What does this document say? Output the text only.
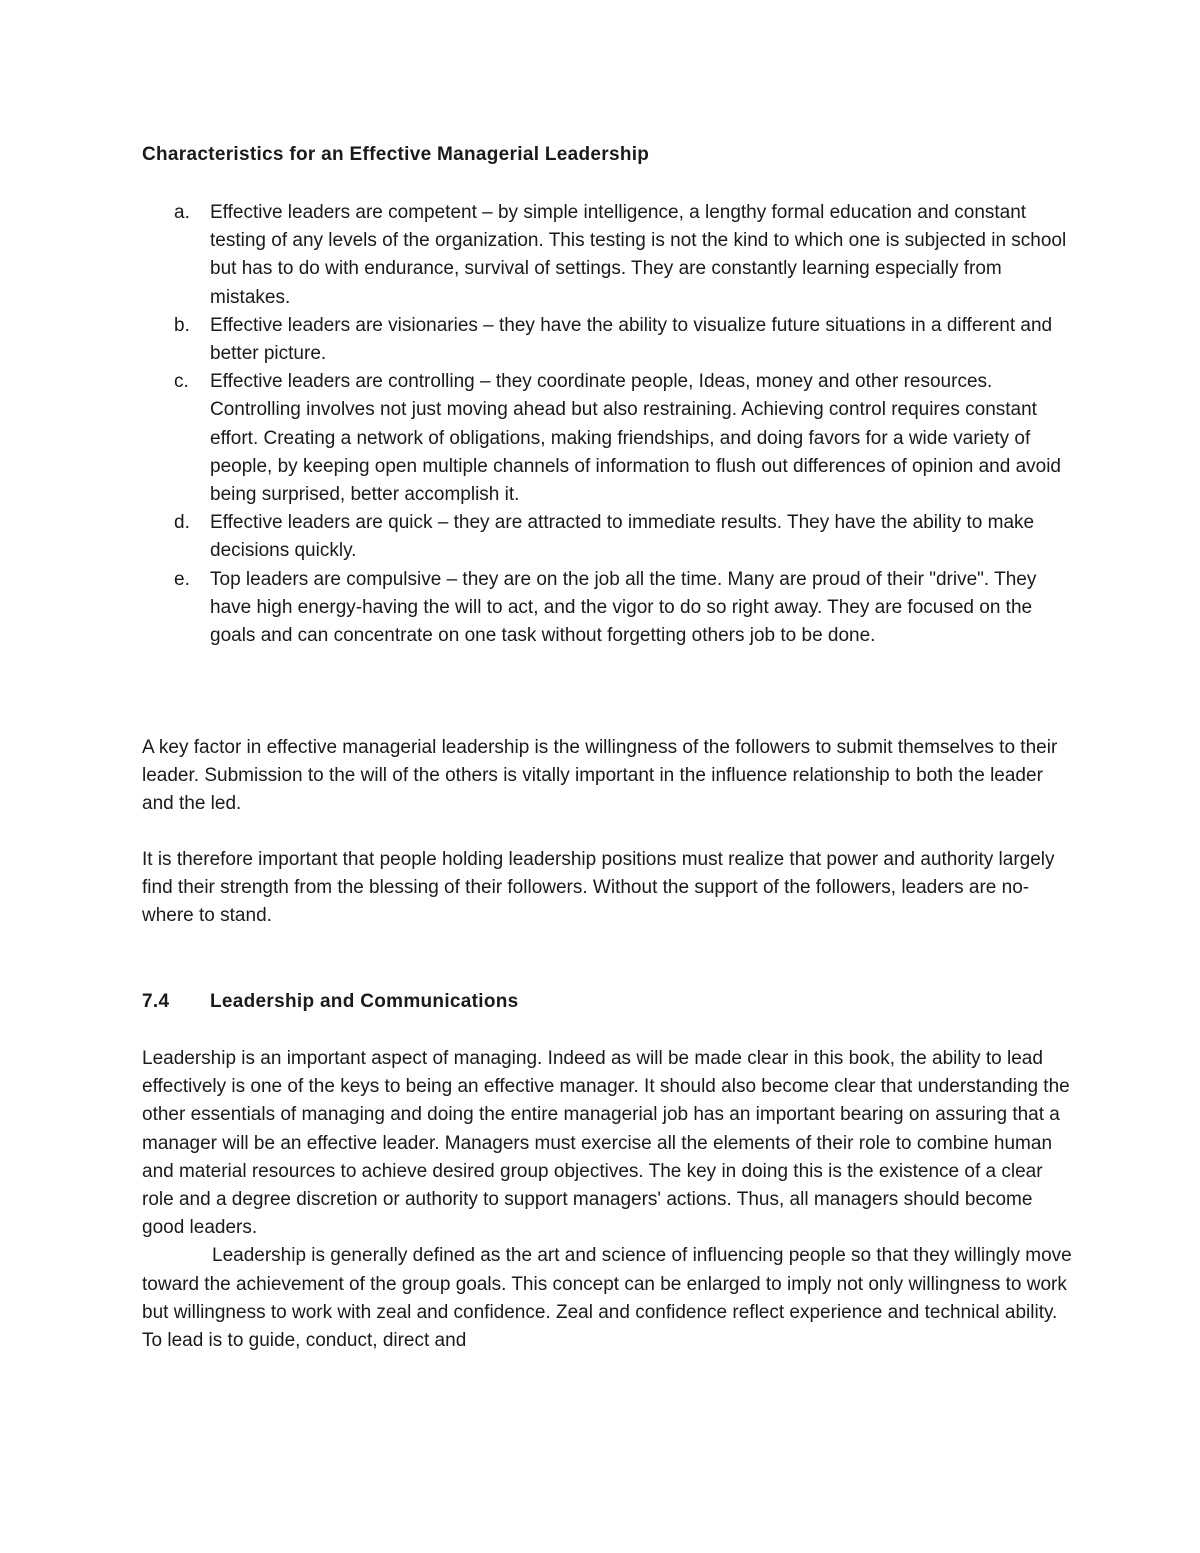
Characteristics for an Effective Managerial Leadership
a. Effective leaders are competent – by simple intelligence, a lengthy formal education and constant testing of any levels of the organization. This testing is not the kind to which one is subjected in school but has to do with endurance, survival of settings. They are constantly learning especially from mistakes.
b. Effective leaders are visionaries – they have the ability to visualize future situations in a different and better picture.
c. Effective leaders are controlling – they coordinate people, Ideas, money and other resources. Controlling involves not just moving ahead but also restraining. Achieving control requires constant effort. Creating a network of obligations, making friendships, and doing favors for a wide variety of people, by keeping open multiple channels of information to flush out differences of opinion and avoid being surprised, better accomplish it.
d. Effective leaders are quick – they are attracted to immediate results. They have the ability to make decisions quickly.
e. Top leaders are compulsive – they are on the job all the time. Many are proud of their "drive". They have high energy-having the will to act, and the vigor to do so right away. They are focused on the goals and can concentrate on one task without forgetting others job to be done.

A key factor in effective managerial leadership is the willingness of the followers to submit themselves to their leader. Submission to the will of the others is vitally important in the influence relationship to both the leader and the led.

It is therefore important that people holding leadership positions must realize that power and authority largely find their strength from the blessing of their followers. Without the support of the followers, leaders are no-where to stand.

7.4 Leadership and Communications
Leadership is an important aspect of managing. Indeed as will be made clear in this book, the ability to lead effectively is one of the keys to being an effective manager. It should also become clear that understanding the other essentials of managing and doing the entire managerial job has an important bearing on assuring that a manager will be an effective leader. Managers must exercise all the elements of their role to combine human and material resources to achieve desired group objectives. The key in doing this is the existence of a clear role and a degree discretion or authority to support managers' actions. Thus, all managers should become good leaders.
Leadership is generally defined as the art and science of influencing people so that they willingly move toward the achievement of the group goals. This concept can be enlarged to imply not only willingness to work but willingness to work with zeal and confidence. Zeal and confidence reflect experience and technical ability. To lead is to guide, conduct, direct and
